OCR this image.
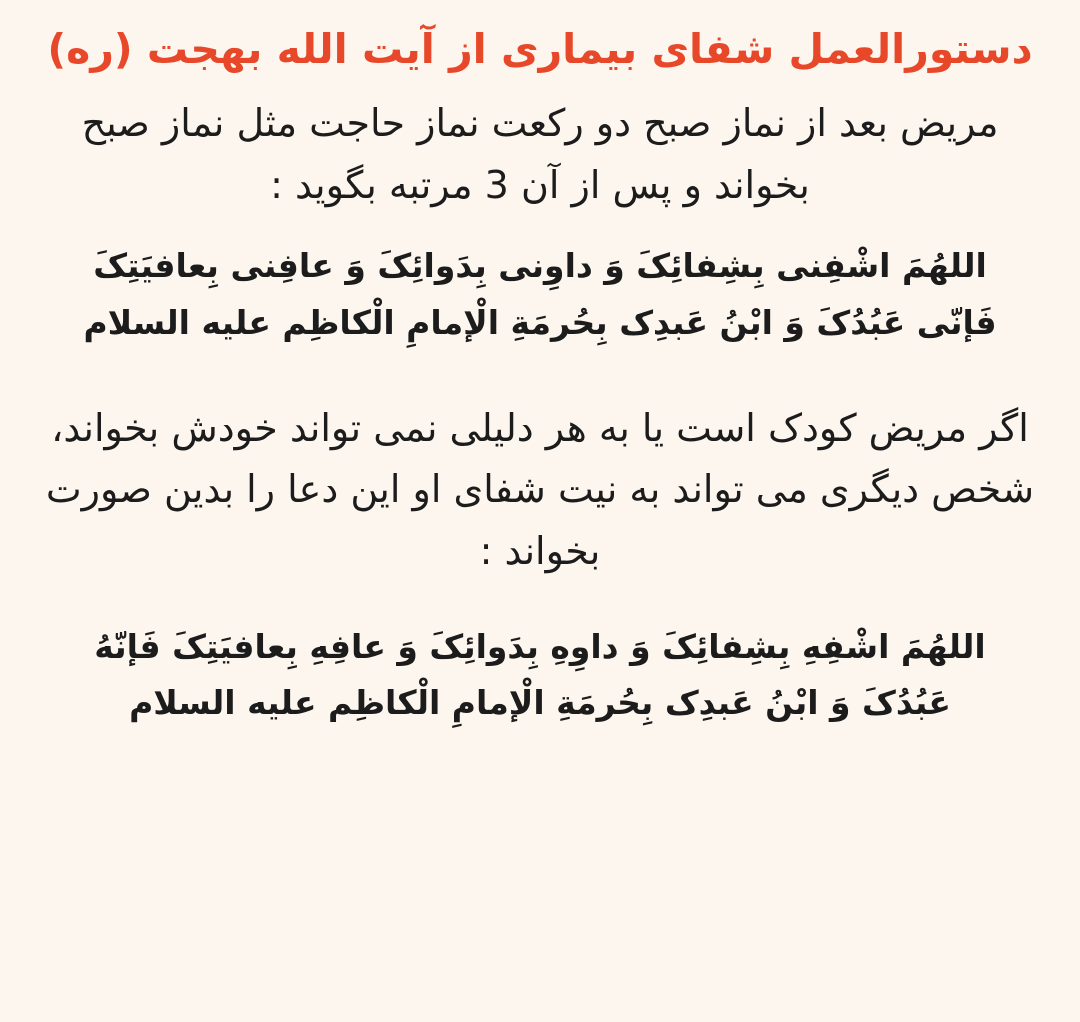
دستورالعمل شفای بیماری از آیت الله بهجت (ره)
مریض بعد از نماز صبح دو رکعت نماز حاجت مثل نماز صبح بخواند و پس از آن 3 مرتبه بگوید :
اللهُمَ اشْفِنى بِشِفائِکَ وَ داوِنى بِدَوائِکَ وَ عافِنى بِعافیَتِکَ
فَإنّى عَبُدُکَ وَ ابْنُ عَبدِک بِحُرمَةِ الْإمامِ الْکاظِم علیه السلام
اگر مریض کودک است یا به هر دلیلی نمی تواند خودش بخواند، شخص دیگری می تواند به نیت شفای او این دعا را بدین صورت بخواند :
اللهُمَ اشْفِهِ بِشِفائِکَ وَ داوِهِ بِدَوائِکَ وَ عافِهِ بِعافیَتِکَ فَإنّهُ
عَبُدُکَ وَ ابْنُ عَبدِک بِحُرمَةِ الْإمامِ الْکاظِم علیه السلام
